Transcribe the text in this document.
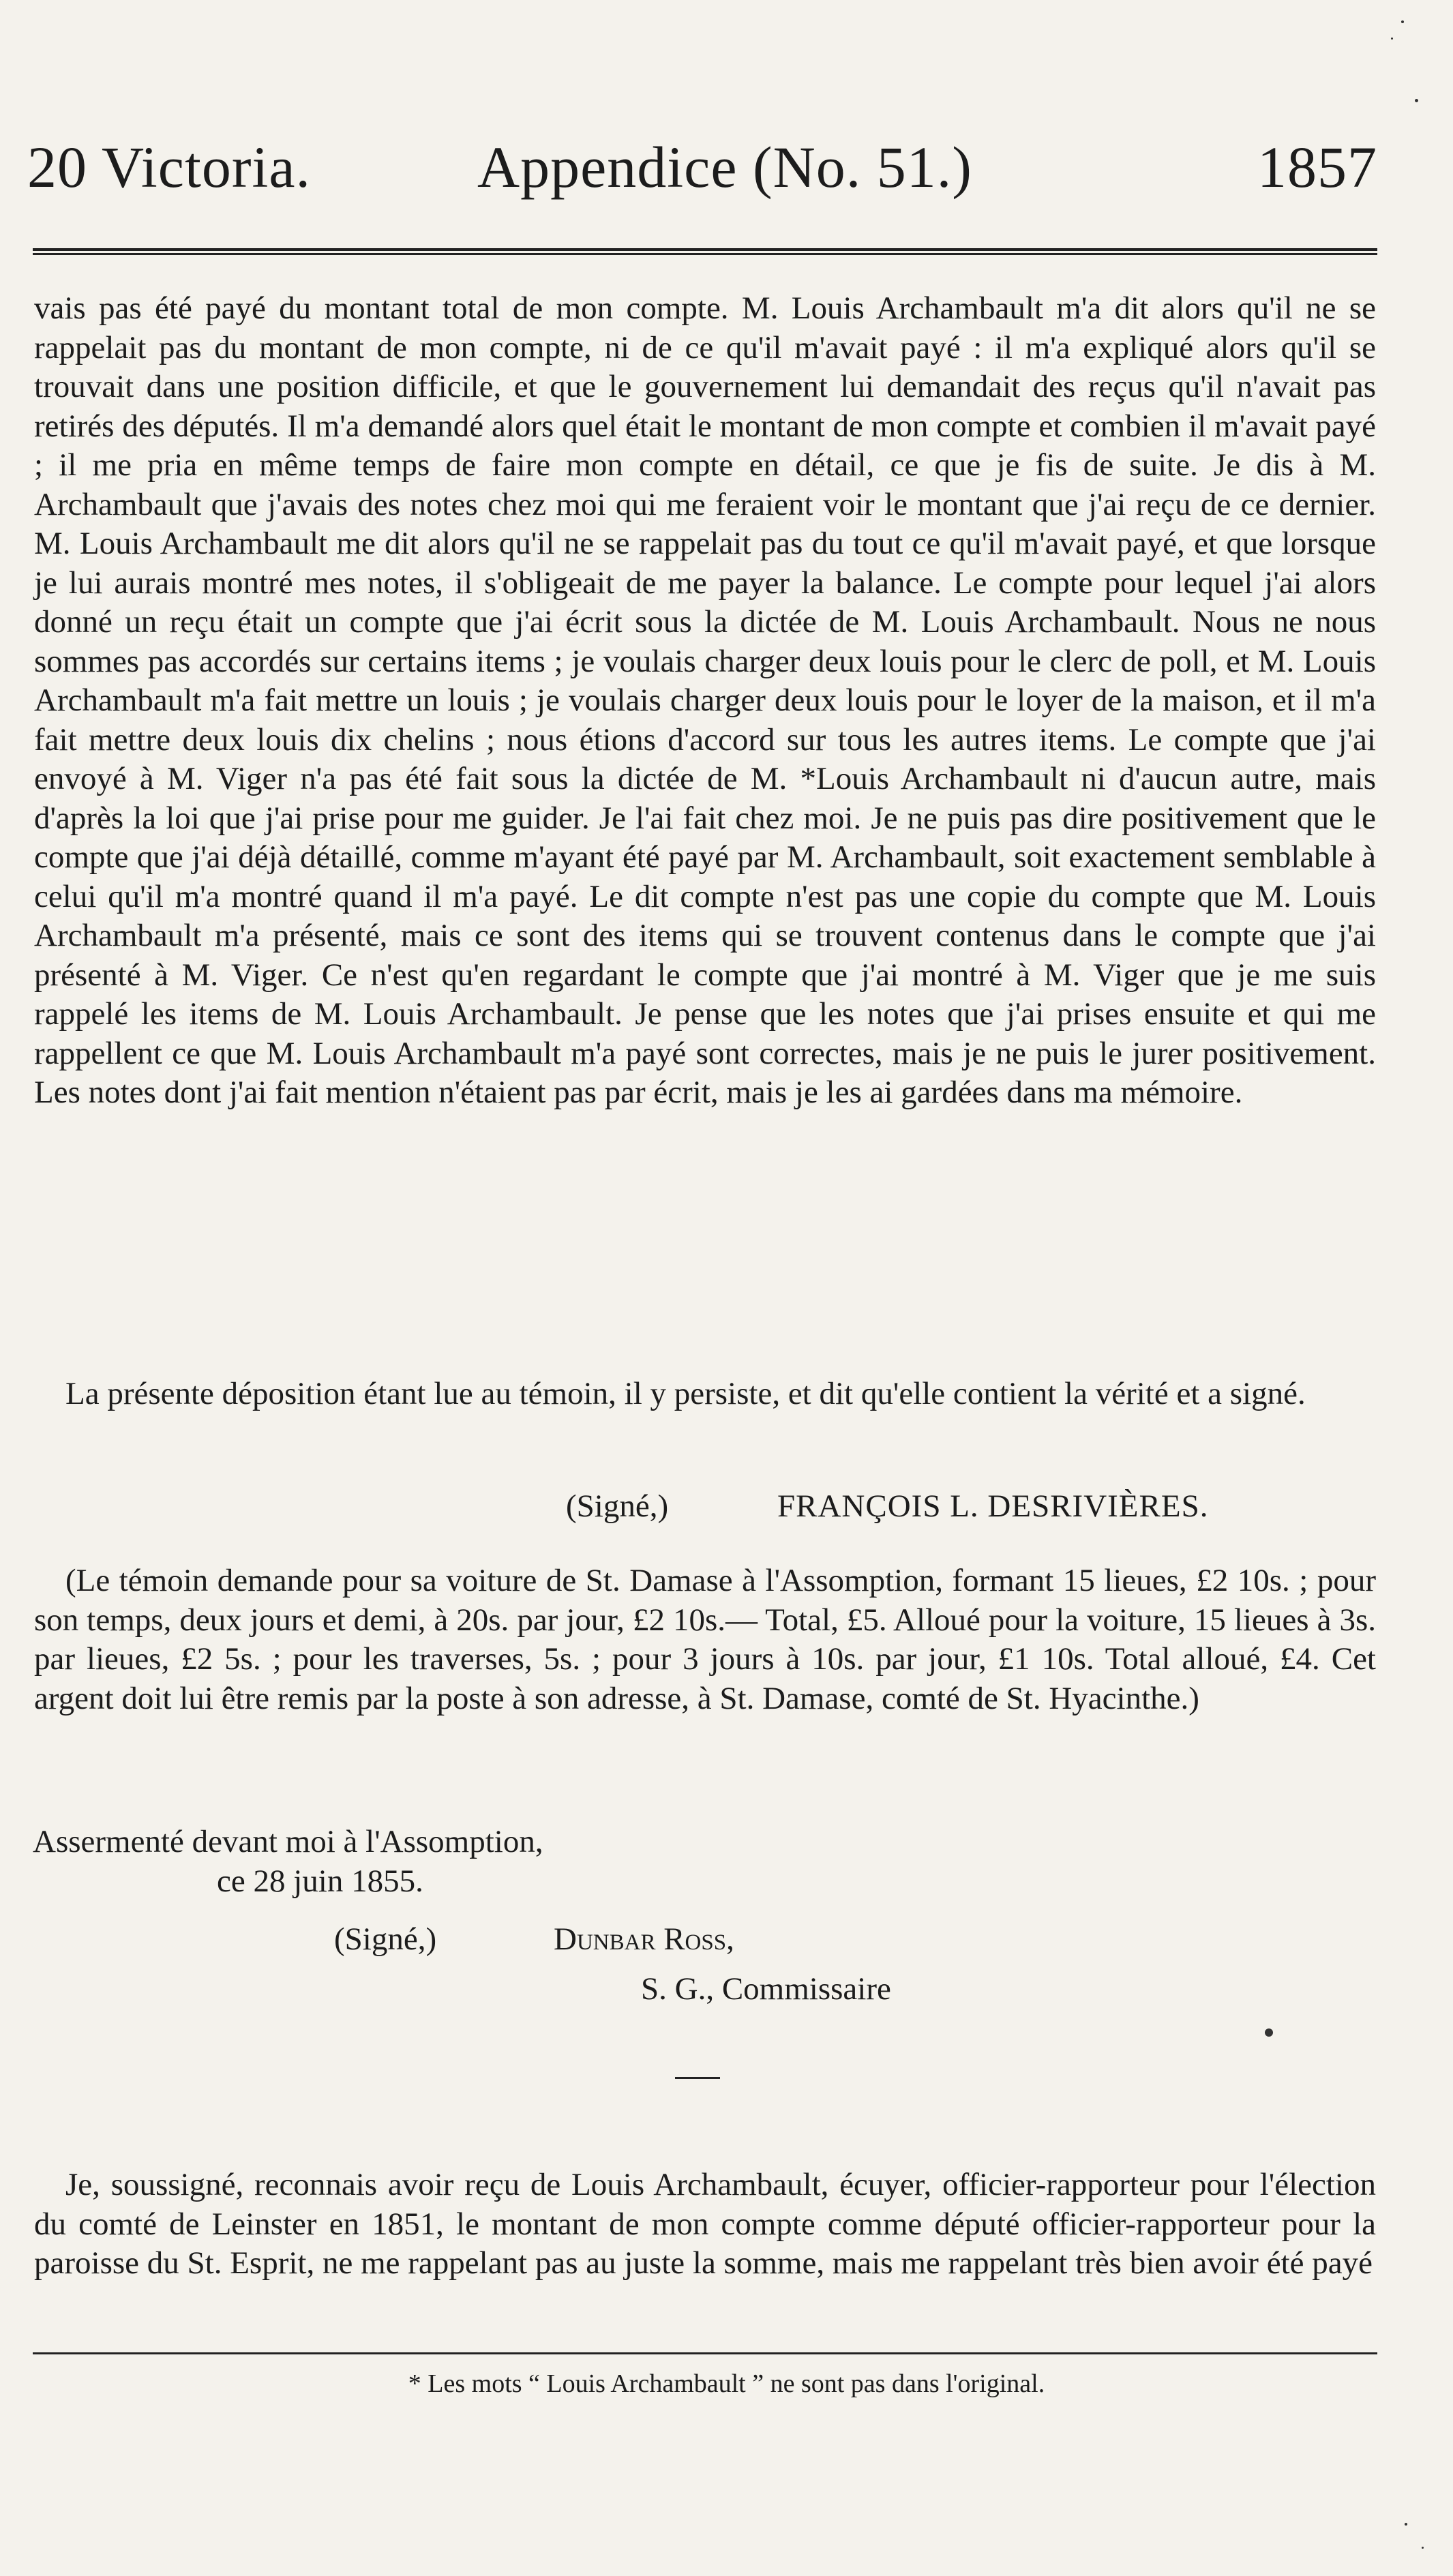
20 Victoria.	Appendice (No. 51.)	1857

vais pas été payé du montant total de mon compte. M. Louis Archambault m'a dit alors qu'il ne se rappelait pas du montant de mon compte, ni de ce qu'il m'avait payé : il m'a expliqué alors qu'il se trouvait dans une position difficile, et que le gouvernement lui demandait des reçus qu'il n'avait pas retirés des députés. Il m'a demandé alors quel était le montant de mon compte et combien il m'avait payé ; il me pria en même temps de faire mon compte en détail, ce que je fis de suite. Je dis à M. Archambault que j'avais des notes chez moi qui me feraient voir le montant que j'ai reçu de ce dernier. M. Louis Archambault me dit alors qu'il ne se rappelait pas du tout ce qu'il m'avait payé, et que lorsque je lui aurais montré mes notes, il s'obligeait de me payer la balance. Le compte pour lequel j'ai alors donné un reçu était un compte que j'ai écrit sous la dictée de M. Louis Archambault. Nous ne nous sommes pas accordés sur certains items ; je voulais charger deux louis pour le clerc de poll, et M. Louis Archambault m'a fait mettre un louis ; je voulais charger deux louis pour le loyer de la maison, et il m'a fait mettre deux louis dix chelins ; nous étions d'accord sur tous les autres items. Le compte que j'ai envoyé à M. Viger n'a pas été fait sous la dictée de M. *Louis Archambault ni d'aucun autre, mais d'après la loi que j'ai prise pour me guider. Je l'ai fait chez moi. Je ne puis pas dire positivement que le compte que j'ai déjà détaillé, comme m'ayant été payé par M. Archambault, soit exactement semblable à celui qu'il m'a montré quand il m'a payé. Le dit compte n'est pas une copie du compte que M. Louis Archambault m'a présenté, mais ce sont des items qui se trouvent contenus dans le compte que j'ai présenté à M. Viger. Ce n'est qu'en regardant le compte que j'ai montré à M. Viger que je me suis rappelé les items de M. Louis Archambault. Je pense que les notes que j'ai prises ensuite et qui me rappellent ce que M. Louis Archambault m'a payé sont correctes, mais je ne puis le jurer positivement. Les notes dont j'ai fait mention n'étaient pas par écrit, mais je les ai gardées dans ma mémoire.

La présente déposition étant lue au témoin, il y persiste, et dit qu'elle contient la vérité et a signé.

(Signé,)	FRANÇOIS L. DESRIVIÈRES.

(Le témoin demande pour sa voiture de St. Damase à l'Assomption, formant 15 lieues, £2 10s. ; pour son temps, deux jours et demi, à 20s. par jour, £2 10s.— Total, £5. Alloué pour la voiture, 15 lieues à 3s. par lieues, £2 5s. ; pour les traverses, 5s. ; pour 3 jours à 10s. par jour, £1 10s. Total alloué, £4. Cet argent doit lui être remis par la poste à son adresse, à St. Damase, comté de St. Hyacinthe.)

Assermenté devant moi à l'Assomption,
ce 28 juin 1855.
(Signé,)	Dunbar Ross,
S. G., Commissaire

Je, soussigné, reconnais avoir reçu de Louis Archambault, écuyer, officier-rapporteur pour l'élection du comté de Leinster en 1851, le montant de mon compte comme député officier-rapporteur pour la paroisse du St. Esprit, ne me rappelant pas au juste la somme, mais me rappelant très bien avoir été payé

* Les mots “ Louis Archambault ” ne sont pas dans l'original.
